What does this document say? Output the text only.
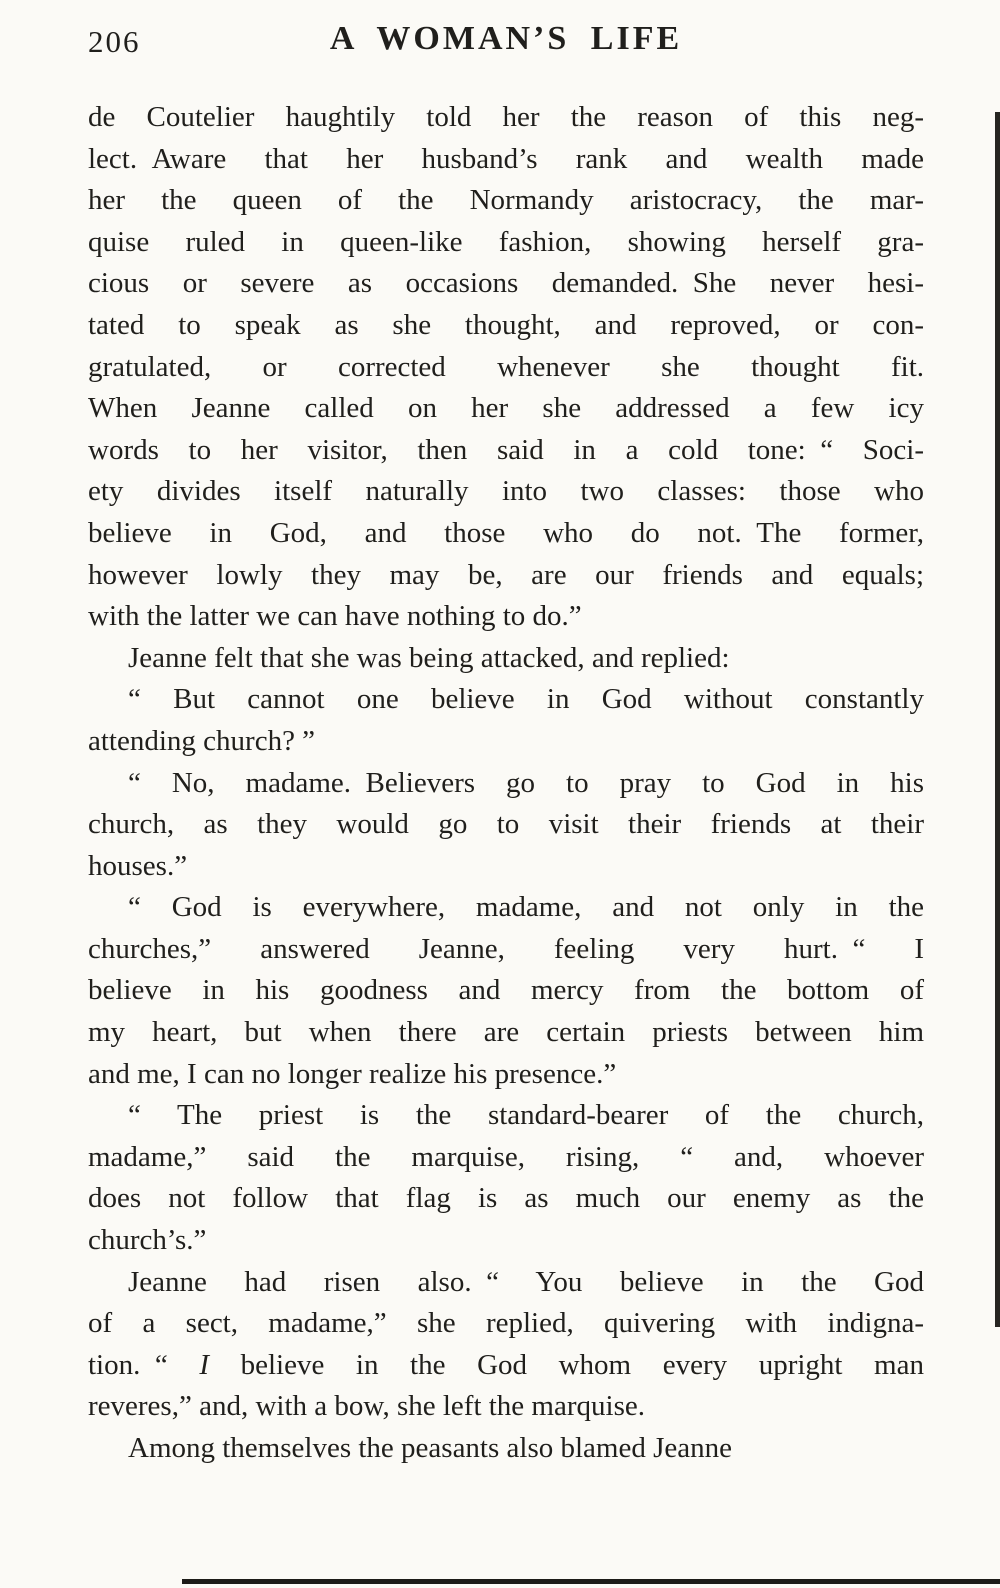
206	A WOMAN’S LIFE
de Coutelier haughtily told her the reason of this neg-
lect. Aware that her husband’s rank and wealth made
her the queen of the Normandy aristocracy, the mar-
quise ruled in queen-like fashion, showing herself gra-
cious or severe as occasions demanded. She never hesi-
tated to speak as she thought, and reproved, or con-
gratulated, or corrected whenever she thought fit.
When Jeanne called on her she addressed a few icy
words to her visitor, then said in a cold tone: “ Soci-
ety divides itself naturally into two classes: those who
believe in God, and those who do not. The former,
however lowly they may be, are our friends and equals;
with the latter we can have nothing to do.”
Jeanne felt that she was being attacked, and replied:
“ But cannot one believe in God without constantly
attending church? ”
“ No, madame. Believers go to pray to God in his
church, as they would go to visit their friends at their
houses.”
“ God is everywhere, madame, and not only in the
churches,” answered Jeanne, feeling very hurt. “ I
believe in his goodness and mercy from the bottom of
my heart, but when there are certain priests between him
and me, I can no longer realize his presence.”
“ The priest is the standard-bearer of the church,
madame,” said the marquise, rising, “ and, whoever
does not follow that flag is as much our enemy as the
church’s.”
Jeanne had risen also. “ You believe in the God
of a sect, madame,” she replied, quivering with indigna-
tion. “ I believe in the God whom every upright man
reveres,” and, with a bow, she left the marquise.
Among themselves the peasants also blamed Jeanne
